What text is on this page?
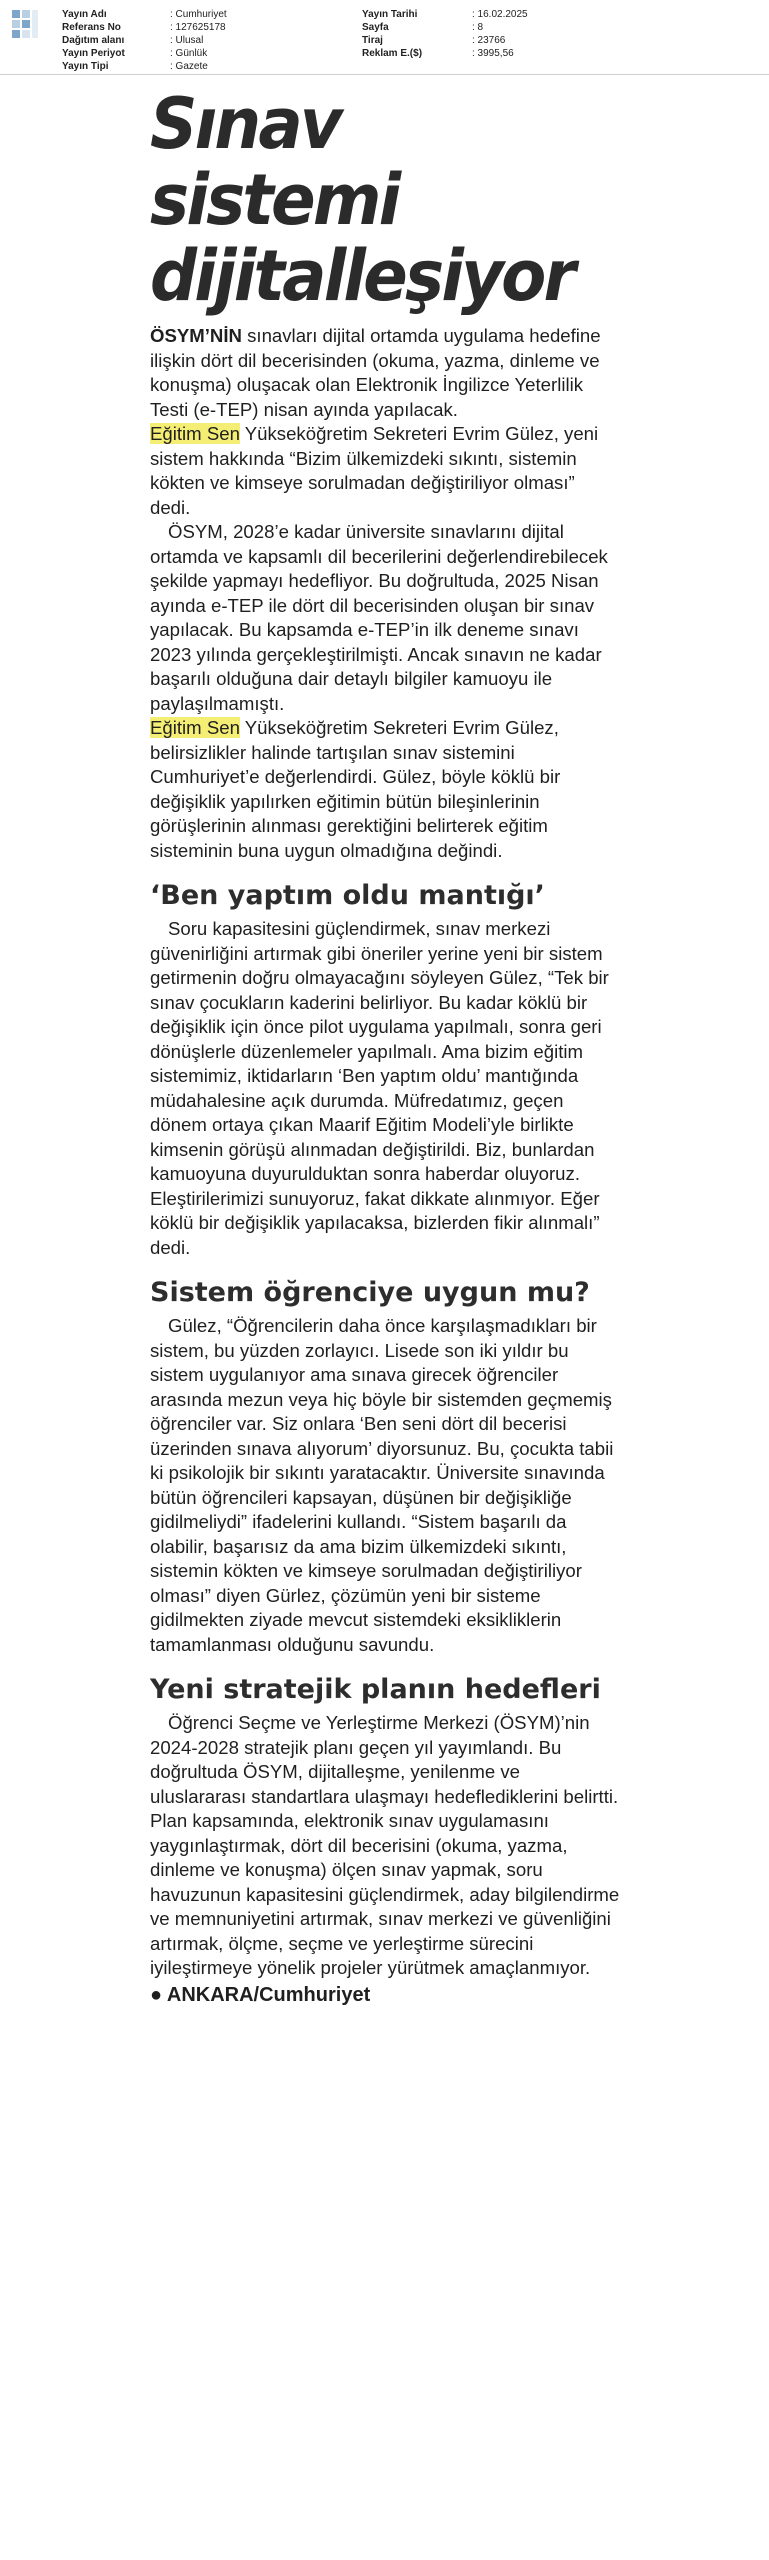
Yayın Adı	: Cumhuriyet
Referans No	: 127625178
Dağıtım alanı	: Ulusal
Yayın Periyot	: Günlük
Yayın Tipi	: Gazete
Yayın Tarihi	: 16.02.2025
Sayfa	: 8
Tiraj	: 23766
Reklam E.($)	: 3995,56
Sınav sistemi
dijitalleşiyor

ÖSYM’NİN sınavları dijital ortamda uygulama hedefine ilişkin dört dil becerisinden (okuma, yazma, dinleme ve konuşma) oluşacak olan Elektronik İngilizce Yeterlilik Testi (e-TEP) nisan ayında yapılacak.

Eğitim Sen Yükseköğretim Sekreteri Evrim Gülez, yeni sistem hakkında “Bizim ülkemizdeki sıkıntı, sistemin kökten ve kimseye sorulmadan değiştiriliyor olması” dedi.

ÖSYM, 2028’e kadar üniversite sınavlarını dijital ortamda ve kapsamlı dil becerilerini değerlendirebilecek şekilde yapmayı hedefliyor. Bu doğrultuda, 2025 Nisan ayında e-TEP ile dört dil becerisinden oluşan bir sınav yapılacak. Bu kapsamda e-TEP’in ilk deneme sınavı 2023 yılında gerçekleştirilmişti. Ancak sınavın ne kadar başarılı olduğuna dair detaylı bilgiler kamuoyu ile paylaşılmamıştı.

Eğitim Sen Yükseköğretim Sekreteri Evrim Gülez, belirsizlikler halinde tartışılan sınav sistemini Cumhuriyet’e değerlendirdi. Gülez, böyle köklü bir değişiklik yapılırken eğitimin bütün bileşinlerinin görüşlerinin alınması gerektiğini belirterek eğitim sisteminin buna uygun olmadığına değindi.

‘Ben yaptım oldu mantığı’

Soru kapasitesini güçlendirmek, sınav merkezi güvenirliğini artırmak gibi öneriler yerine yeni bir sistem getirmenin doğru olmayacağını söyleyen Gülez, “Tek bir sınav çocukların kaderini belirliyor. Bu kadar köklü bir değişiklik için önce pilot uygulama yapılmalı, sonra geri dönüşlerle düzenlemeler yapılmalı. Ama bizim eğitim sistemimiz, iktidarların ‘Ben yaptım oldu’ mantığında müdahalesine açık durumda. Müfredatımız, geçen dönem ortaya çıkan Maarif Eğitim Modeli’yle birlikte kimsenin görüşü alınmadan değiştirildi. Biz, bunlardan kamuoyuna duyurulduktan sonra haberdar oluyoruz. Eleştirilerimizi sunuyoruz, fakat dikkate alınmıyor. Eğer köklü bir değişiklik yapılacaksa, bizlerden fikir alınmalı” dedi.

Sistem öğrenciye uygun mu?

Gülez, “Öğrencilerin daha önce karşılaşmadıkları bir sistem, bu yüzden zorlayıcı. Lisede son iki yıldır bu sistem uygulanıyor ama sınava girecek öğrenciler arasında mezun veya hiç böyle bir sistemden geçmemiş öğrenciler var. Siz onlara ‘Ben seni dört dil becerisi üzerinden sınava alıyorum’ diyorsunuz. Bu, çocukta tabii ki psikolojik bir sıkıntı yaratacaktır. Üniversite sınavında bütün öğrencileri kapsayan, düşünen bir değişikliğe gidilmeliydi” ifadelerini kullandı. “Sistem başarılı da olabilir, başarısız da ama bizim ülkemizdeki sıkıntı, sistemin kökten ve kimseye sorulmadan değiştiriliyor olması” diyen Gürlez, çözümün yeni bir sisteme gidilmekten ziyade mevcut sistemdeki eksikliklerin tamamlanması olduğunu savundu.

Yeni stratejik planın hedefleri

Öğrenci Seçme ve Yerleştirme Merkezi (ÖSYM)’nin 2024-2028 stratejik planı geçen yıl yayımlandı. Bu doğrultuda ÖSYM, dijitalleşme, yenilenme ve uluslararası standartlara ulaşmayı hedeflediklerini belirtti. Plan kapsamında, elektronik sınav uygulamasını yaygınlaştırmak, dört dil becerisini (okuma, yazma, dinleme ve konuşma) ölçen sınav yapmak, soru havuzunun kapasitesini güçlendirmek, aday bilgilendirme ve memnuniyetini artırmak, sınav merkezi ve güvenliğini artırmak, ölçme, seçme ve yerleştirme sürecini iyileştirmeye yönelik projeler yürütmek amaçlanmıyor.

● ANKARA/Cumhuriyet
